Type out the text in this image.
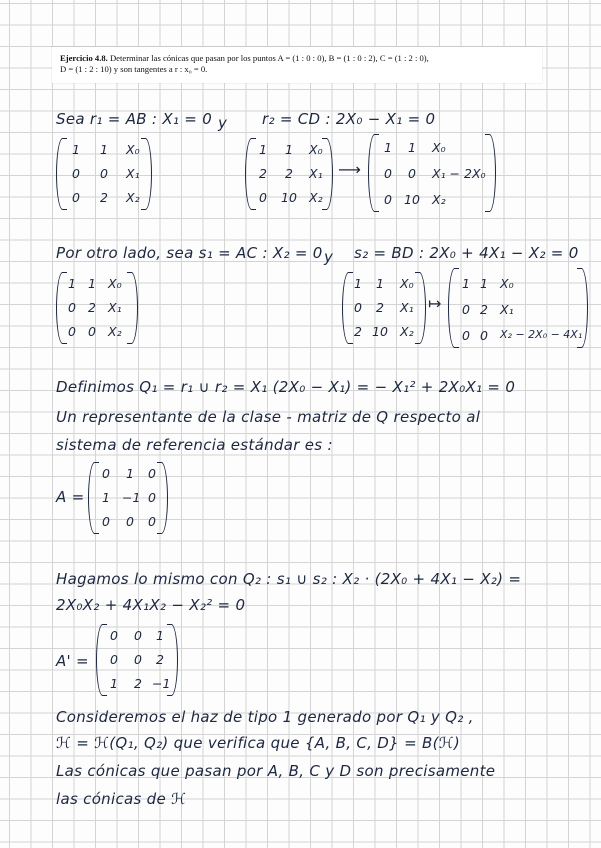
Ejercicio 4.8. Determinar las cónicas que pasan por los puntos A = (1 : 0 : 0), B = (1 : 0 : 2), C = (1 : 2 : 0),
D = (1 : 2 : 10) y son tangentes a r : x₀ = 0.
Sea r₁ = AB : X₁ = 0 y r₂ = CD : 2X₀ − X₁ = 0
1 1 X₀
0 0 X₁
0 2 X₂
1 1 X₀
2 2 X₁
0 10 X₂
⟶
1 1 X₀
0 0 X₁ − 2X₀
0 10 X₂
Por otro lado, sea s₁ = AC : X₂ = 0 y s₂ = BD : 2X₀ + 4X₁ − X₂ = 0
1 1 X₀
0 2 X₁
0 0 X₂
1 1 X₀
0 2 X₁
2 10 X₂
↦
1 1 X₀
0 2 X₁
0 0 X₂ − 2X₀ − 4X₁
Definimos Q₁ = r₁ ∪ r₂ = X₁ (2X₀ − X₁) = − X₁² + 2X₀X₁ = 0
Un representante de la clase - matriz de Q respecto al
sistema de referencia estándar es :
A =
0 1 0
1 −1 0
0 0 0
Hagamos lo mismo con Q₂ : s₁ ∪ s₂ : X₂ · (2X₀ + 4X₁ − X₂) =
2X₀X₂ + 4X₁X₂ − X₂² = 0
A' =
0 0 1
0 0 2
1 2 −1
Consideremos el haz de tipo 1 generado por Q₁ y Q₂ ,
ℋ = ℋ(Q₁, Q₂) que verifica que {A, B, C, D} = B(ℋ)
Las cónicas que pasan por A, B, C y D son precisamente
las cónicas de ℋ
